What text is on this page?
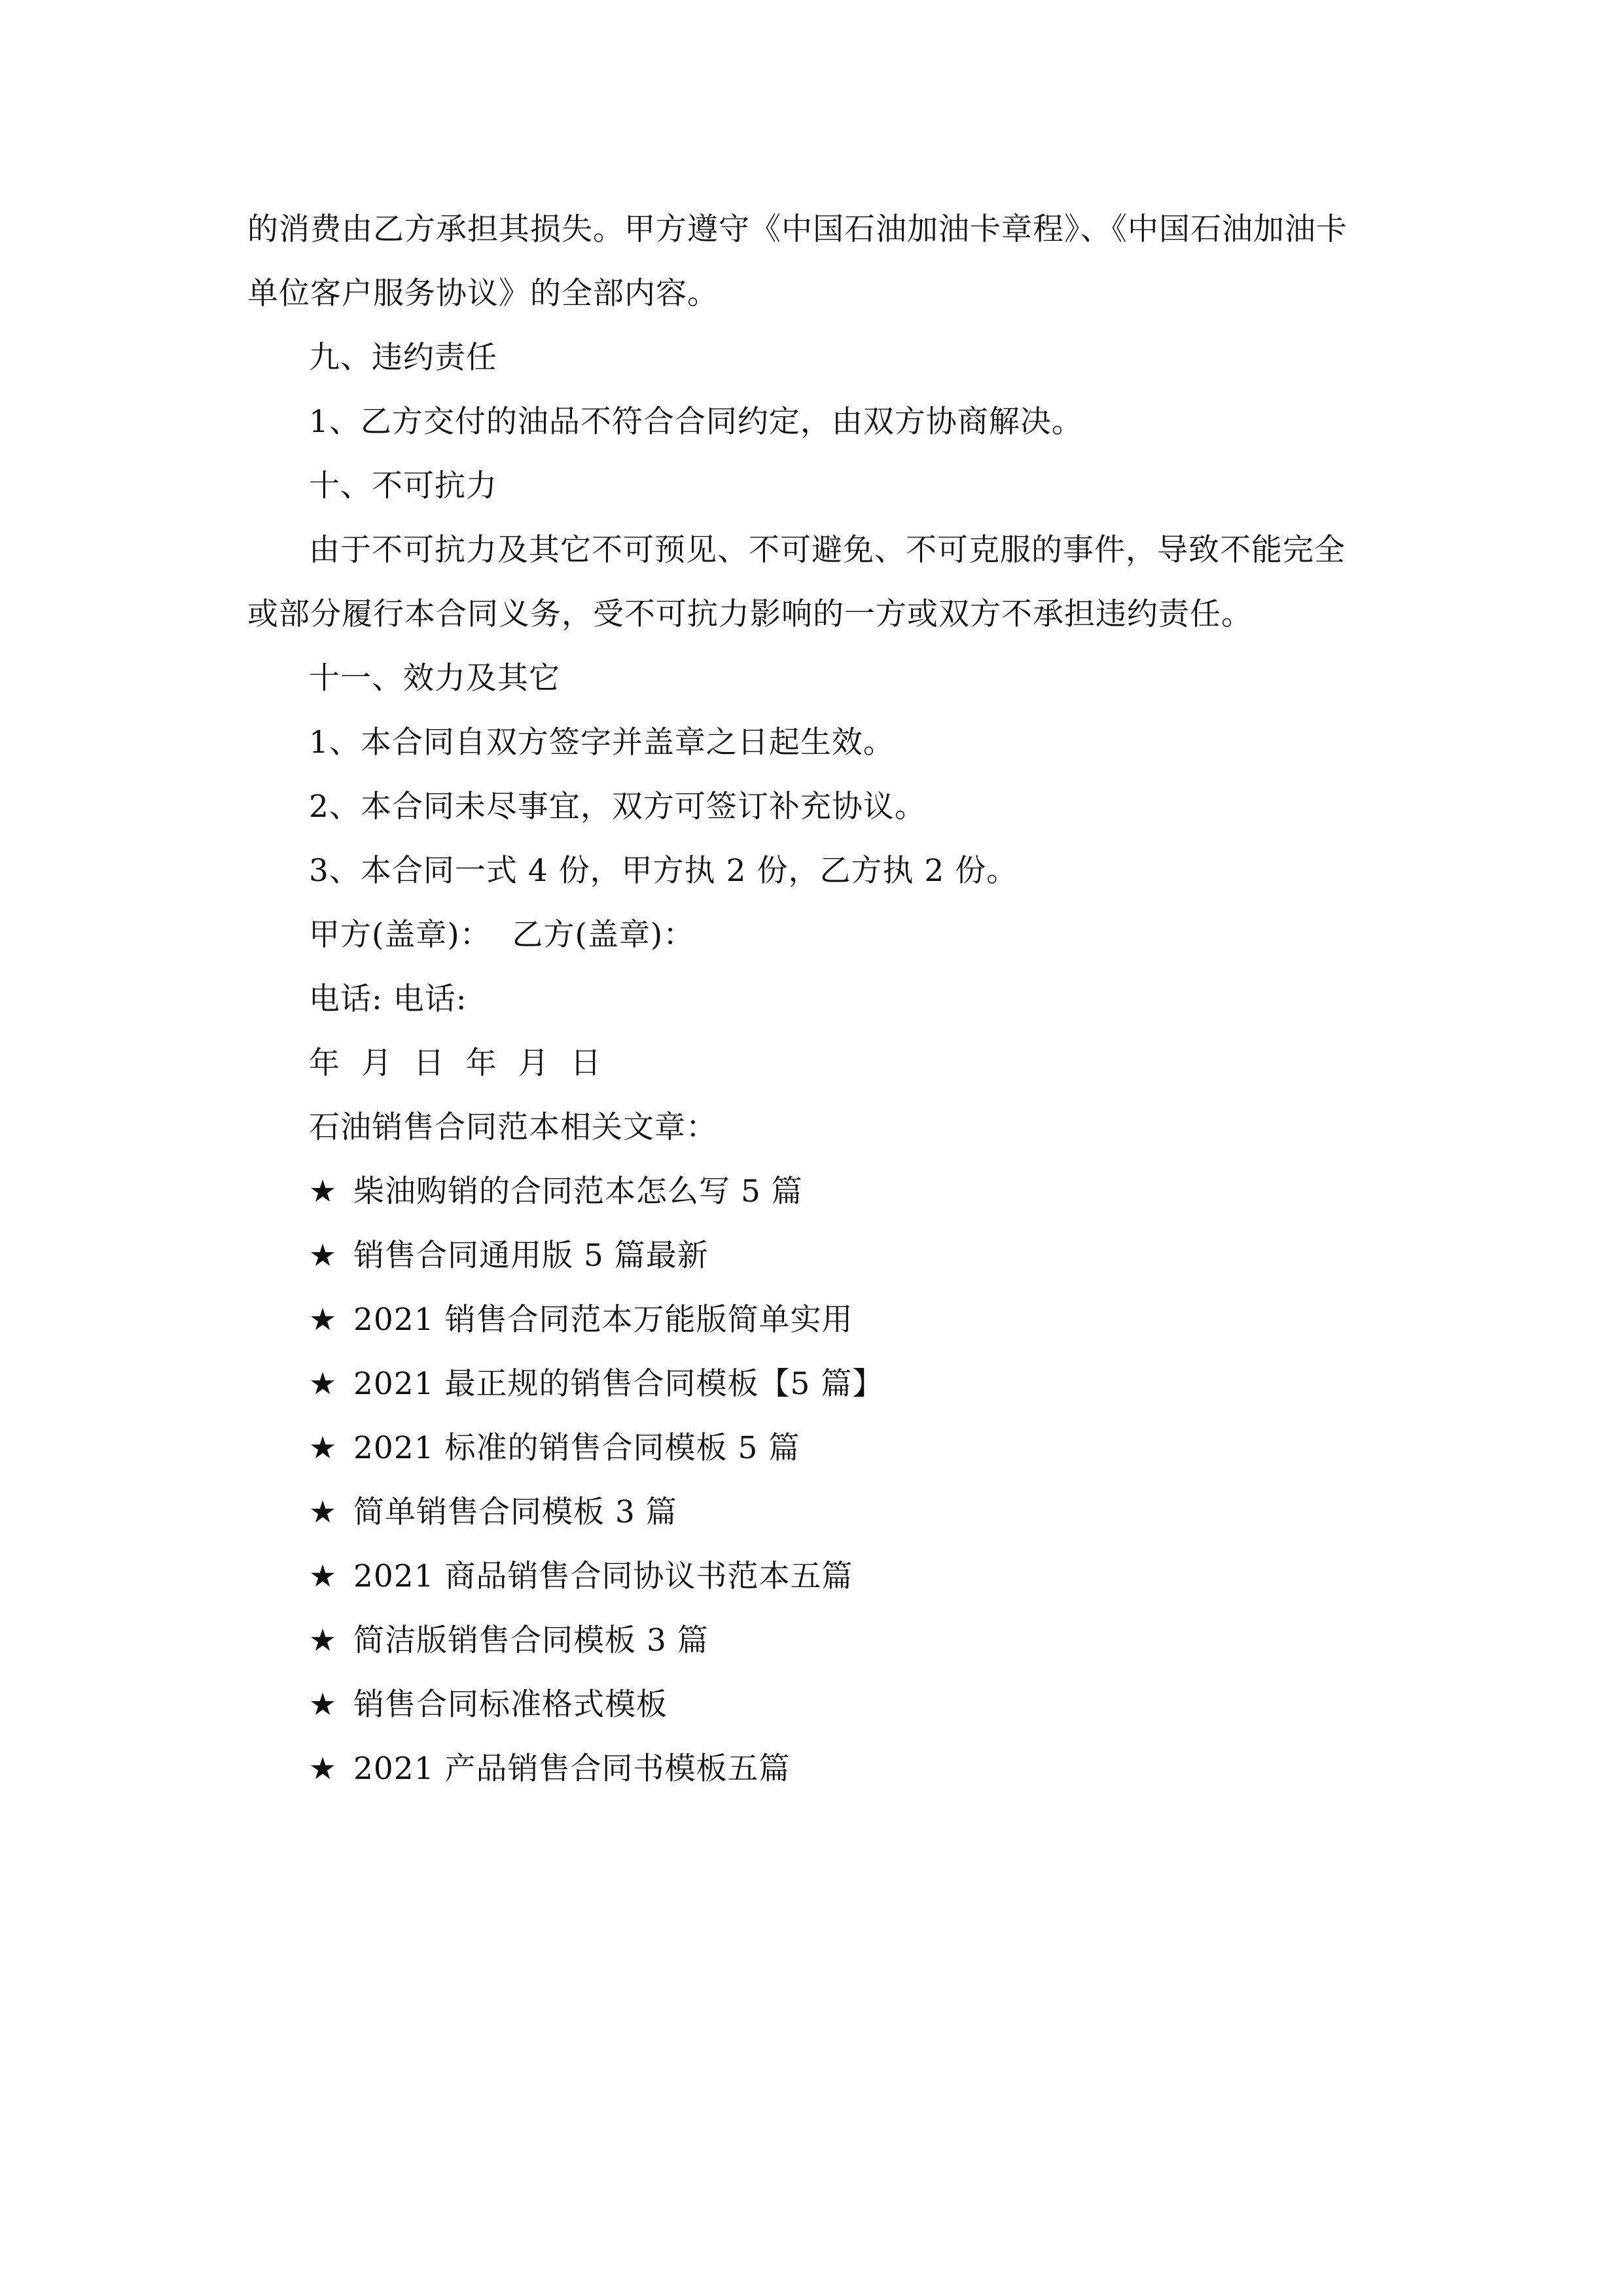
的消费由乙方承担其损失。甲方遵守《中国石油加油卡章程》、《中国石油加油卡
单位客户服务协议》的全部内容。
九、违约责任
1、乙方交付的油品不符合合同约定，由双方协商解决。
十、不可抗力
由于不可抗力及其它不可预见、不可避免、不可克服的事件，导致不能完全
或部分履行本合同义务，受不可抗力影响的一方或双方不承担违约责任。
十一、效力及其它
1、本合同自双方签字并盖章之日起生效。
2、本合同未尽事宜，双方可签订补充协议。
3、本合同一式 4 份，甲方执 2 份，乙方执 2 份。
甲方(盖章)：  乙方(盖章)：
电话: 电话:
年  月  日  年  月  日
石油销售合同范本相关文章：
★ 柴油购销的合同范本怎么写 5 篇
★ 销售合同通用版 5 篇最新
★ 2021 销售合同范本万能版简单实用
★ 2021 最正规的销售合同模板【5 篇】
★ 2021 标准的销售合同模板 5 篇
★ 简单销售合同模板 3 篇
★ 2021 商品销售合同协议书范本五篇
★ 简洁版销售合同模板 3 篇
★ 销售合同标准格式模板
★ 2021 产品销售合同书模板五篇
